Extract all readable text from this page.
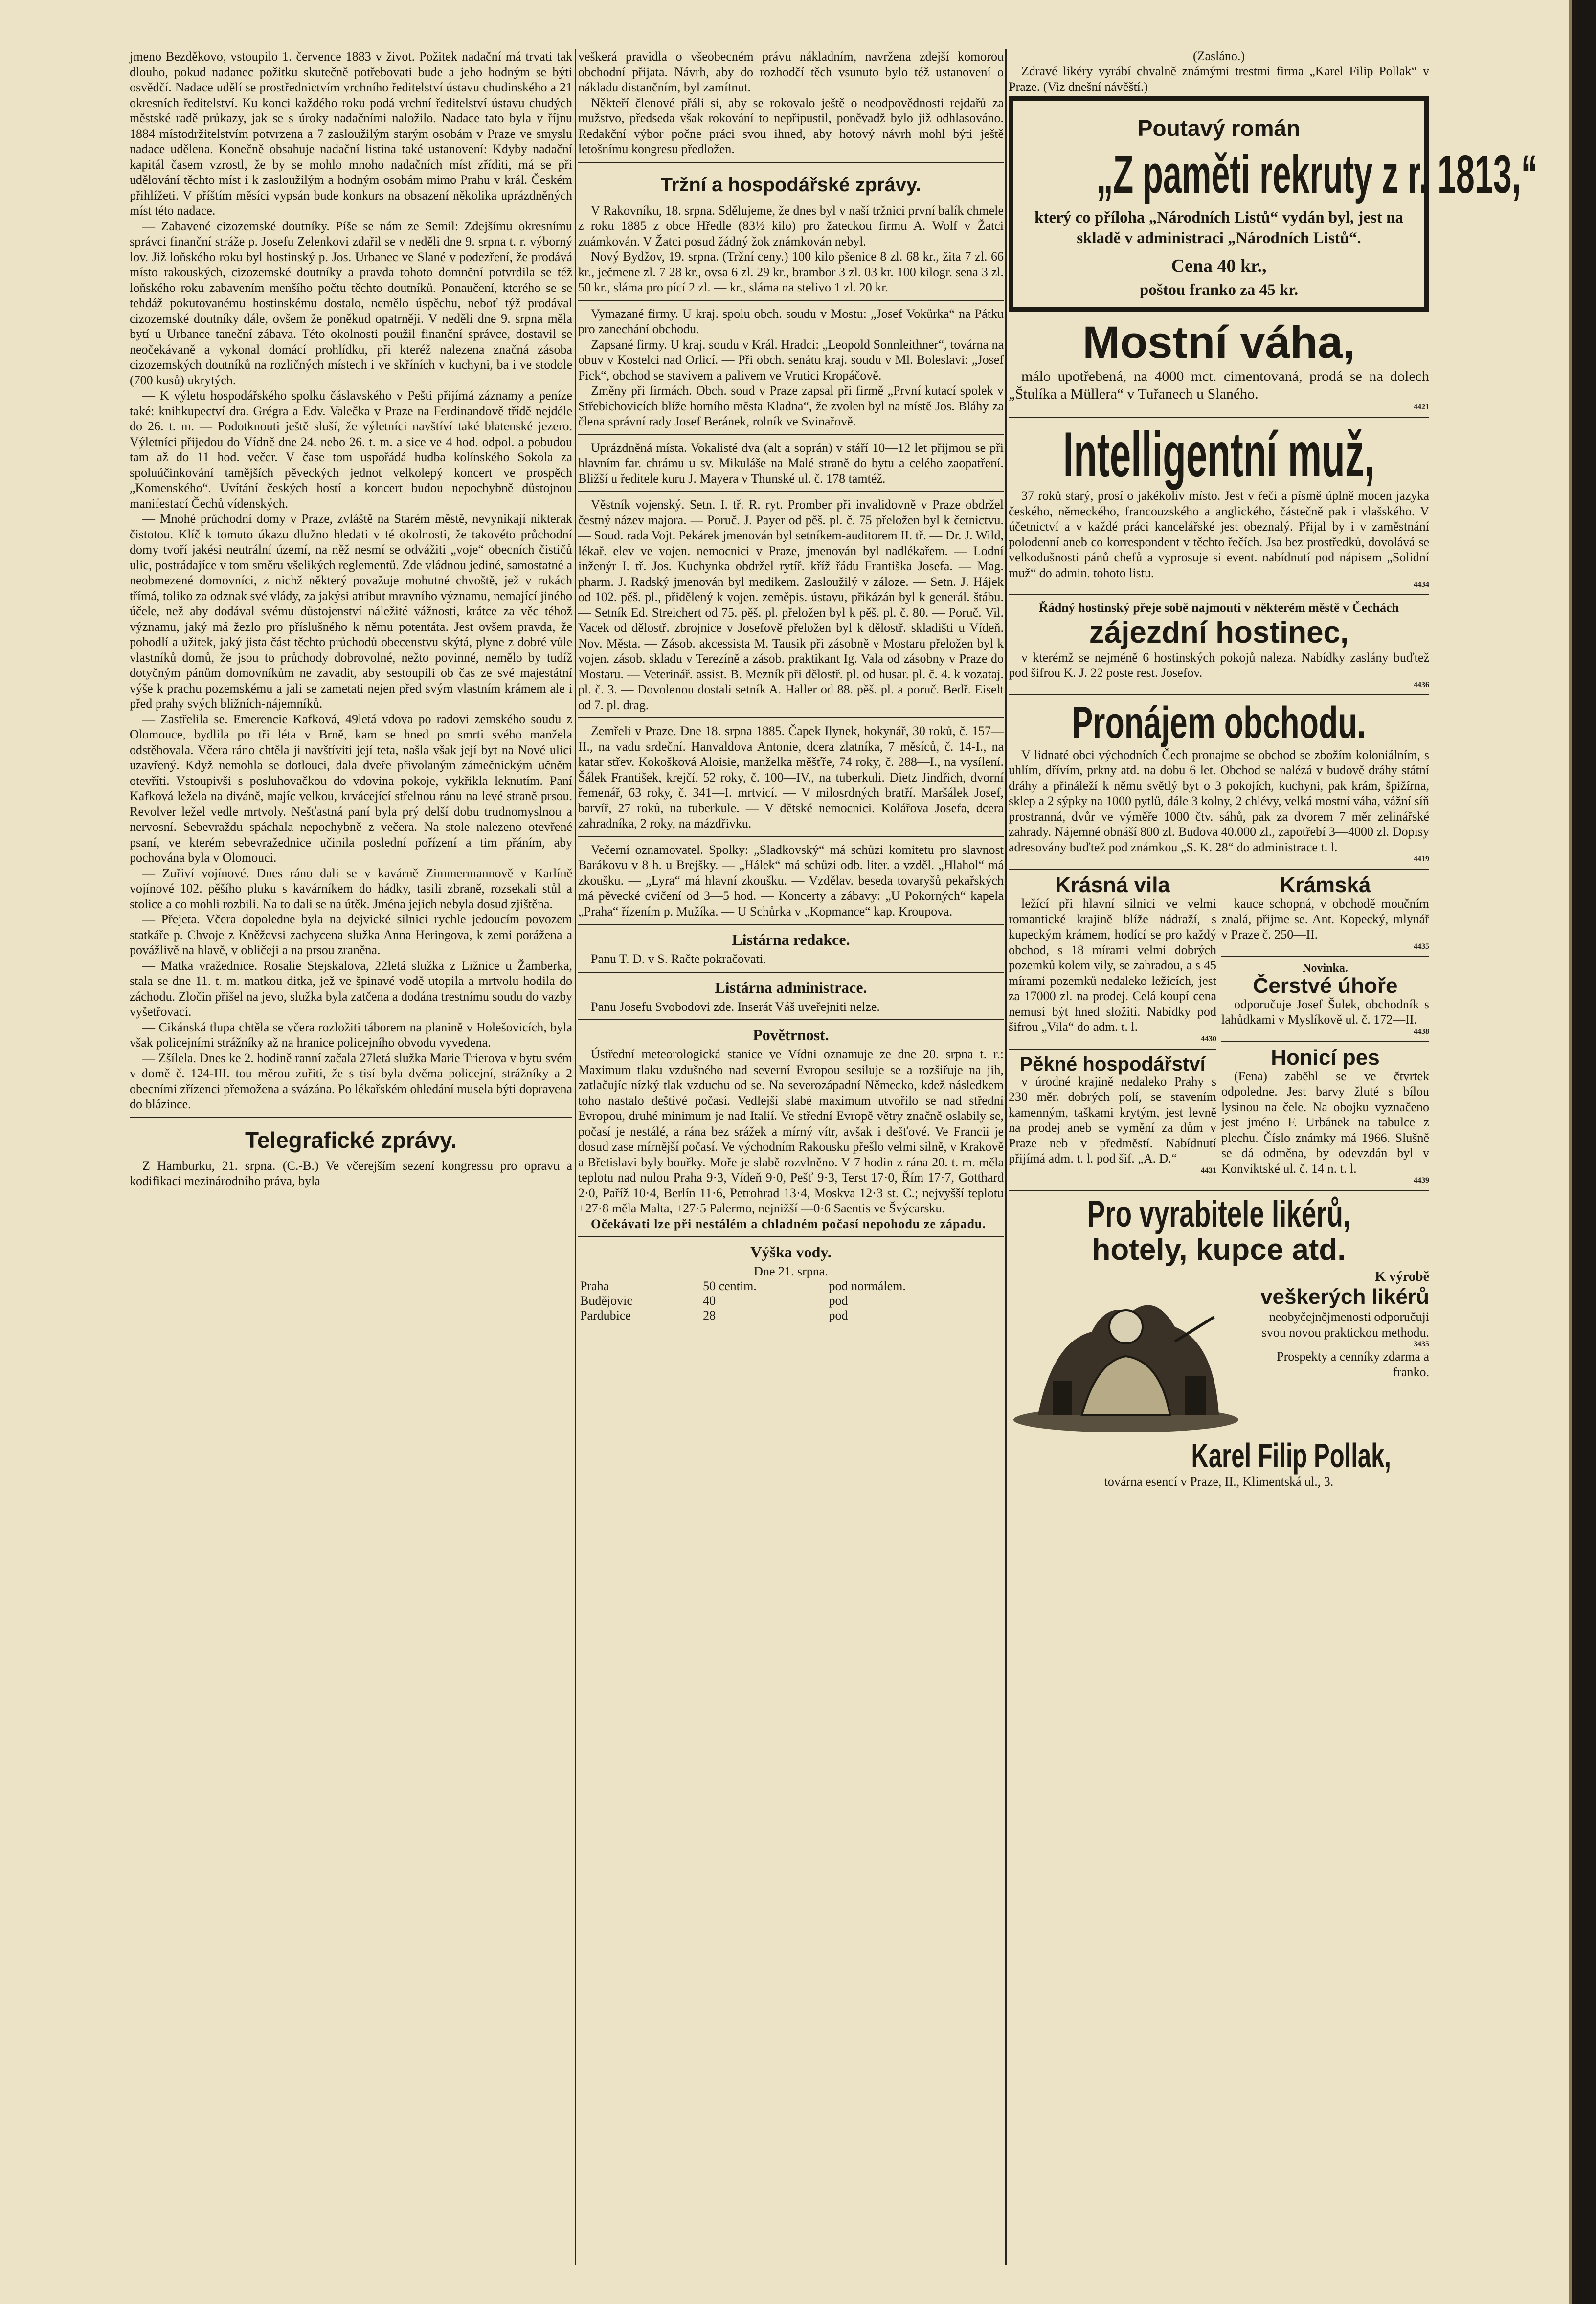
jmeno Bezděkovo, vstoupilo 1. července 1883 v život. Požitek nadační má trvati tak dlouho, pokud nadanec požitku skutečně potřebovati bude a jeho hodným se býti osvědčí. Nadace udělí se prostřednictvím vrchního ředitelství ústavu chudinského a 21 okresních ředitelství. Ku konci každého roku podá vrchní ředitelství ústavu chudých městské radě průkazy, jak se s úroky nadačními naložilo. Nadace tato byla v říjnu 1884 místodržitelstvím potvrzena a 7 zasloužilým starým osobám v Praze ve smyslu nadace udělena. Konečně obsahuje nadační listina také ustanovení: Kdyby nadační kapitál časem vzrostl, že by se mohlo mnoho nadačních míst zříditi, má se při udělování těchto míst i k zasloužilým a hodným osobám mimo Prahu v král. Českém přihlížeti. V příštím měsíci vypsán bude konkurs na obsazení několika uprázdněných míst této nadace.

— Zabavené cizozemské doutníky. Píše se nám ze Semil: Zdejšímu okresnímu správci finanční stráže p. Josefu Zelenkovi zdařil se v neděli dne 9. srpna t. r. výborný lov. Již loňského roku byl hostinský p. Jos. Urbanec ve Slané v podezření, že prodává místo rakouských, cizozemské doutníky a pravda tohoto domnění potvrdila se též loňského roku zabavením menšího počtu těchto doutníků. Ponaučení, kterého se se tehdáž pokutovanému hostinskému dostalo, nemělo úspěchu, neboť týž prodával cizozemské doutníky dále, ovšem že poněkud opatrněji. V neděli dne 9. srpna měla bytí u Urbance taneční zábava. Této okolnosti použil finanční správce, dostavil se neočekávaně a vykonal domácí prohlídku, při kteréž nalezena značná zásoba cizozemských doutníků na rozličných místech i ve skříních v kuchyni, ba i ve stodole (700 kusů) ukrytých.

— K výletu hospodářského spolku čáslavského v Pešti přijímá záznamy a peníze také: knihkupectví dra. Grégra a Edv. Valečka v Praze na Ferdinandově třídě nejdéle do 26. t. m. — Podotknouti ještě sluší, že výletníci navštíví také blatenské jezero. Výletníci přijedou do Vídně dne 24. nebo 26. t. m. a sice ve 4 hod. odpol. a pobudou tam až do 11 hod. večer. V čase tom uspořádá hudba kolínského Sokola za spoluúčinkování tamějších pěveckých jednot velkolepý koncert ve prospěch „Komenského“. Uvítání českých hostí a koncert budou nepochybně důstojnou manifestací Čechů vídenských.

— Mnohé průchodní domy v Praze, zvláště na Starém městě, nevynikají nikterak čistotou. Klíč k tomuto úkazu dlužno hledati v té okolnosti, že takovéto průchodní domy tvoří jakési neutrální území, na něž nesmí se odvážiti „voje“ obecních čističů ulic, postrádajíce v tom směru všelikých reglementů. Zde vládnou jediné, samostatné a neobmezené domovníci, z nichž některý považuje mohutné chvoště, jež v rukách třímá, toliko za odznak své vlády, za jakýsi atribut mravního významu, nemající jiného účele, než aby dodával svému důstojenství náležité vážnosti, krátce za věc téhož významu, jaký má žezlo pro příslušného k němu potentáta. Jest ovšem pravda, že pohodlí a užitek, jaký jista část těchto průchodů obecenstvu skýtá, plyne z dobré vůle vlastníků domů, že jsou to průchody dobrovolné, nežto povinné, nemělo by tudíž dotyčným pánům domovníkům ne zavadit, aby sestoupili ob čas ze své majestátní výše k prachu pozemskému a jali se zametati nejen před svým vlastním krámem ale i před prahy svých bližních-nájemníků.

— Zastřelila se. Emerencie Kafková, 49letá vdova po radovi zemského soudu z Olomouce, bydlila po tři léta v Brně, kam se hned po smrti svého manžela odstěhovala. Včera ráno chtěla ji navštíviti její teta, našla však její byt na Nové ulici uzavřený. Když nemohla se dotlouci, dala dveře přivolaným zámečnickým učněm otevříti. Vstoupivši s posluhovačkou do vdovina pokoje, vykřikla leknutím. Paní Kafková ležela na diváně, majíc velkou, krvácející střelnou ránu na levé straně prsou. Revolver ležel vedle mrtvoly. Nešťastná paní byla prý delší dobu trudnomyslnou a nervosní. Sebevraždu spáchala nepochybně z večera. Na stole nalezeno otevřené psaní, ve kterém sebevražednice učinila poslední pořízení a tim přáním, aby pochována byla v Olomouci.

— Zuřiví vojínové. Dnes ráno dali se v kavárně Zimmermannově v Karlíně vojínové 102. pěšího pluku s kavárníkem do hádky, tasili zbraně, rozsekali stůl a stolice a co mohli rozbili. Na to dali se na útěk. Jména jejich nebyla dosud zjištěna.

— Přejeta. Včera dopoledne byla na dejvické silnici rychle jedoucím povozem statkáře p. Chvoje z Kněževsi zachycena služka Anna Heringova, k zemi porážena a povážlivě na hlavě, v obličeji a na prsou zraněna.

— Matka vražednice. Rosalie Stejskalova, 22letá služka z Ližnice u Žamberka, stala se dne 11. t. m. matkou ditka, jež ve špinavé vodě utopila a mrtvolu hodila do záchodu. Zločin přišel na jevo, služka byla zatčena a dodána trestnímu soudu do vazby vyšetřovací.

— Cikánská tlupa chtěla se včera rozložiti táborem na planině v Holešovicích, byla však policejními strážníky až na hranice policejního obvodu vyvedena.

— Zšílela. Dnes ke 2. hodině ranní začala 27letá služka Marie Trierova v bytu svém v domě č. 124-III. tou měrou zuřiti, že s tisí byla dvěma policejní, strážníky a 2 obecními zřízenci přemožena a svázána. Po lékařském ohledání musela býti dopravena do blázince.

Telegrafické zprávy.

Z Hamburku, 21. srpna. (C.-B.) Ve včerejším sezení kongressu pro opravu a kodifikaci mezinárodního práva, byla

veškerá pravidla o všeobecném právu nákladním, navržena zdejší komorou obchodní přijata. Návrh, aby do rozhodčí těch vsunuto bylo též ustanovení o nákladu distančním, byl zamítnut.

Někteří členové přáli si, aby se rokovalo ještě o neodpovědnosti rejdařů za mužstvo, předseda však rokování to nepřipustil, poněvadž bylo již odhlasováno. Redakční výbor počne práci svou ihned, aby hotový návrh mohl býti ještě letošnímu kongresu předložen.

Tržní a hospodářské zprávy.

V Rakovníku, 18. srpna. Sdělujeme, že dnes byl v naší tržnici první balík chmele z roku 1885 z obce Hředle (83½ kilo) pro žateckou firmu A. Wolf v Žatci zuámkován. V Žatci posud žádný žok známkován nebyl.

Nový Bydžov, 19. srpna. (Tržní ceny.) 100 kilo pšenice 8 zl. 68 kr., žita 7 zl. 66 kr., ječmene zl. 7 28 kr., ovsa 6 zl. 29 kr., brambor 3 zl. 03 kr. 100 kilogr. sena 3 zl. 50 kr., sláma pro pící 2 zl. — kr., sláma na stelivo 1 zl. 20 kr.

Vymazané firmy. U kraj. spolu obch. soudu v Mostu: „Josef Vokůrka“ na Pátku pro zanechání obchodu.

Zapsané firmy. U kraj. soudu v Král. Hradci: „Leopold Sonnleithner“, továrna na obuv v Kostelci nad Orlicí. — Při obch. senátu kraj. soudu v Ml. Boleslavi: „Josef Pick“, obchod se stavivem a palivem ve Vrutici Kropáčově.

Změny při firmách. Obch. soud v Praze zapsal při firmě „První kutací spolek v Střebichovicích blíže horního města Kladna“, že zvolen byl na místě Jos. Bláhy za člena správní rady Josef Beránek, rolník ve Svinařově.

Uprázdněná místa. Vokalisté dva (alt a soprán) v stáří 10—12 let přijmou se při hlavním far. chrámu u sv. Mikuláše na Malé straně do bytu a celého zaopatření. Bližší u ředitele kuru J. Mayera v Thunské ul. č. 178 tamtéž.

Věstník vojenský. Setn. I. tř. R. ryt. Promber při invalidovně v Praze obdržel čestný název majora. — Poruč. J. Payer od pěš. pl. č. 75 přeložen byl k četnictvu. — Soud. rada Vojt. Pekárek jmenován byl setníkem-auditorem II. tř. — Dr. J. Wild, lékař. elev ve vojen. nemocnici v Praze, jmenován byl nadlékařem. — Lodní inženýr I. tř. Jos. Kuchynka obdržel rytíř. kříž řádu Františka Josefa. — Mag. pharm. J. Radský jmenován byl medikem. Zasloužilý v záloze. — Setn. J. Hájek od 102. pěš. pl., přidělený k vojen. zeměpis. ústavu, přikázán byl k generál. štábu. — Setník Ed. Streichert od 75. pěš. pl. přeložen byl k pěš. pl. č. 80. — Poruč. Vil. Vacek od dělostř. zbrojnice v Josefově přeložen byl k dělostř. skladišti u Vídeň. Nov. Města. — Zásob. akcessista M. Tausik při zásobně v Mostaru přeložen byl k vojen. zásob. skladu v Terezíně a zásob. praktikant Ig. Vala od zásobny v Praze do Mostaru. — Veterinář. assist. B. Mezník při dělostř. pl. od husar. pl. č. 4. k vozataj. pl. č. 3. — Dovolenou dostali setník A. Haller od 88. pěš. pl. a poruč. Bedř. Eiselt od 7. pl. drag.

Zemřeli v Praze. Dne 18. srpna 1885. Čapek Ilynek, hokynář, 30 roků, č. 157—II., na vadu srdeční. Hanvaldova Antonie, dcera zlatníka, 7 měsíců, č. 14-I., na katar střev. Kokošková Aloisie, manželka měšťře, 74 roky, č. 288—I., na vysílení. Šálek František, krejčí, 52 roky, č. 100—IV., na tuberkuli. Dietz Jindřich, dvorní řemenář, 63 roky, č. 341—I. mrtvicí. — V milosrdných bratří. Maršálek Josef, barvíř, 27 roků, na tuberkule. — V dětské nemocnici. Kolářova Josefa, dcera zahradníka, 2 roky, na mázdřivku.

Večerní oznamovatel. Spolky: „Sladkovský“ má schůzi komitetu pro slavnost Barákovu v 8 h. u Brejšky. — „Hálek“ má schůzi odb. liter. a vzděl. „Hlahol“ má zkoušku. — „Lyra“ má hlavní zkoušku. — Vzdělav. beseda tovaryšů pekařských má pěvecké cvičení od 3—5 hod. — Koncerty a zábavy: „U Pokorných“ kapela „Praha“ řízením p. Mužíka. — U Schůrka v „Kopmance“ kap. Kroupova.

Listárna redakce.

Panu T. D. v S. Račte pokračovati.

Listárna administrace.

Panu Josefu Svobodovi zde. Inserát Váš uveřejniti nelze.

Povětrnost.

Ústřední meteorologická stanice ve Vídni oznamuje ze dne 20. srpna t. r.: Maximum tlaku vzdušného nad severní Evropou sesiluje se a rozšiřuje na jih, zatlačujíc nízký tlak vzduchu od se. Na severozápadní Německo, kdež následkem toho nastalo deštivé počasí. Vedlejší slabé maximum utvořilo se nad střední Evropou, druhé minimum je nad Italií. Ve střední Evropě větry značně oslabily se, počasí je nestálé, a rána bez srážek a mírný vítr, avšak i dešťové. Ve Francii je dosud zase mírnější počasí. Ve východním Rakousku přešlo velmi silně, v Krakově a Břetislavi byly bouřky. Moře je slabě rozvlněno. V 7 hodin z rána 20. t. m. měla teplotu nad nulou Praha 9·3, Vídeň 9·0, Pešť 9·3, Terst 17·0, Řím 17·7, Gotthard 2·0, Paříž 10·4, Berlín 11·6, Petrohrad 13·4, Moskva 12·3 st. C.; nejvyšší teplotu +27·8 měla Malta, +27·5 Palermo, nejnižší —0·6 Saentis ve Švýcarsku.

Očekávati lze při nestálém a chladném počasí nepohodu ze západu.

Výška vody.
Dne 21. srpna.
Praha	50 centim.	pod normálem.
Budějovic	40	pod
Pardubice	28	pod
(Zasláno.)

Zdravé likéry vyrábí chvalně známými trestmi firma „Karel Filip Pollak“ v Praze. (Viz dnešní návěští.)

Poutavý román
„Z paměti rekruty z r. 1813,“
který co příloha „Národních Listů“ vydán byl, jest na skladě v administraci „Národních Listů“.
Cena 40 kr.,
poštou franko za 45 kr.
Mostní váha,

málo upotřebená, na 4000 mct. cimentovaná, prodá se na dolech „Štulíka a Müllera“ v Tuřanech u Slaného.

4421
Intelligentní muž,

37 roků starý, prosí o jakékoliv místo. Jest v řeči a písmě úplně mocen jazyka českého, německého, francouzského a anglického, částečně pak i vlašského. V účetnictví a v každé práci kancelářské jest obeznalý. Přijal by i v zaměstnání polodenní aneb co korrespondent v těchto řečích. Jsa bez prostředků, dovolává se velkodušnosti pánů chefů a vyprosuje si event. nabídnutí pod nápisem „Solidní muž“ do admin. tohoto listu.

4434

Řádný hostinský přeje sobě najmouti v některém městě v Čechách

zájezdní hostinec,

v kterémž se nejméně 6 hostinských pokojů naleza. Nabídky zaslány buďtež pod šifrou K. J. 22 poste rest. Josefov.

4436
Pronájem obchodu.

V lidnaté obci východních Čech pronajme se obchod se zbožím koloniálním, s uhlím, dřívím, prkny atd. na dobu 6 let. Obchod se nalézá v budově dráhy státní dráhy a přináleží k němu světlý byt o 3 pokojích, kuchyni, pak krám, špižírna, sklep a 2 sýpky na 1000 pytlů, dále 3 kolny, 2 chlévy, velká mostní váha, vážní síň prostranná, dvůr ve výměře 1000 čtv. sáhů, pak za dvorem 7 měr zelinářské zahrady. Nájemné obnáší 800 zl. Budova 40.000 zl., zapotřebí 3—4000 zl. Dopisy adresovány buďtež pod známkou „S. K. 28“ do administrace t. l.

4419
Krásná vila

ležící při hlavní silnici ve velmi romantické krajině blíže nádraží, s kupeckým krámem, hodící se pro každý obchod, s 18 mírami velmi dobrých pozemků kolem vily, se zahradou, a s 45 mírami pozemků nedaleko ležících, jest za 17000 zl. na prodej. Celá koupí cena nemusí být hned složiti. Nabídky pod šifrou „Vila“ do adm. t. l.

4430
Pěkné hospodářství

v úrodné krajině nedaleko Prahy s 230 měr. dobrých polí, se stavením kamenným, taškami krytým, jest levně na prodej aneb se vymění za dům v Praze neb v předměstí. Nabídnutí přijímá adm. t. l. pod šif. „A. D.“

4431
Krámská

kauce schopná, v obchodě moučním znalá, přijme se. Ant. Kopecký, mlynář v Praze č. 250—II.

4435
Novinka.
Čerstvé úhoře

odporučuje Josef Šulek, obchodník s lahůdkami v Myslíkově ul. č. 172—II.

4438
Honicí pes

(Fena) zaběhl se ve čtvrtek odpoledne. Jest barvy žluté s bílou lysinou na čele. Na obojku vyznačeno jest jméno F. Urbánek na tabulce z plechu. Číslo známky má 1966. Slušně se dá odměna, by odevzdán byl v Konviktské ul. č. 14 n. t. l.

4439
Pro vyrabitele likérů,
hotely, kupce atd.
K výrobě
veškerých likérů

neobyčejnějmenosti odporučuji svou novou praktickou methodu.

3435

Prospekty a cenníky zdarma a franko.

Karel Filip Pollak,
továrna esencí v Praze, II., Klimentská ul., 3.
